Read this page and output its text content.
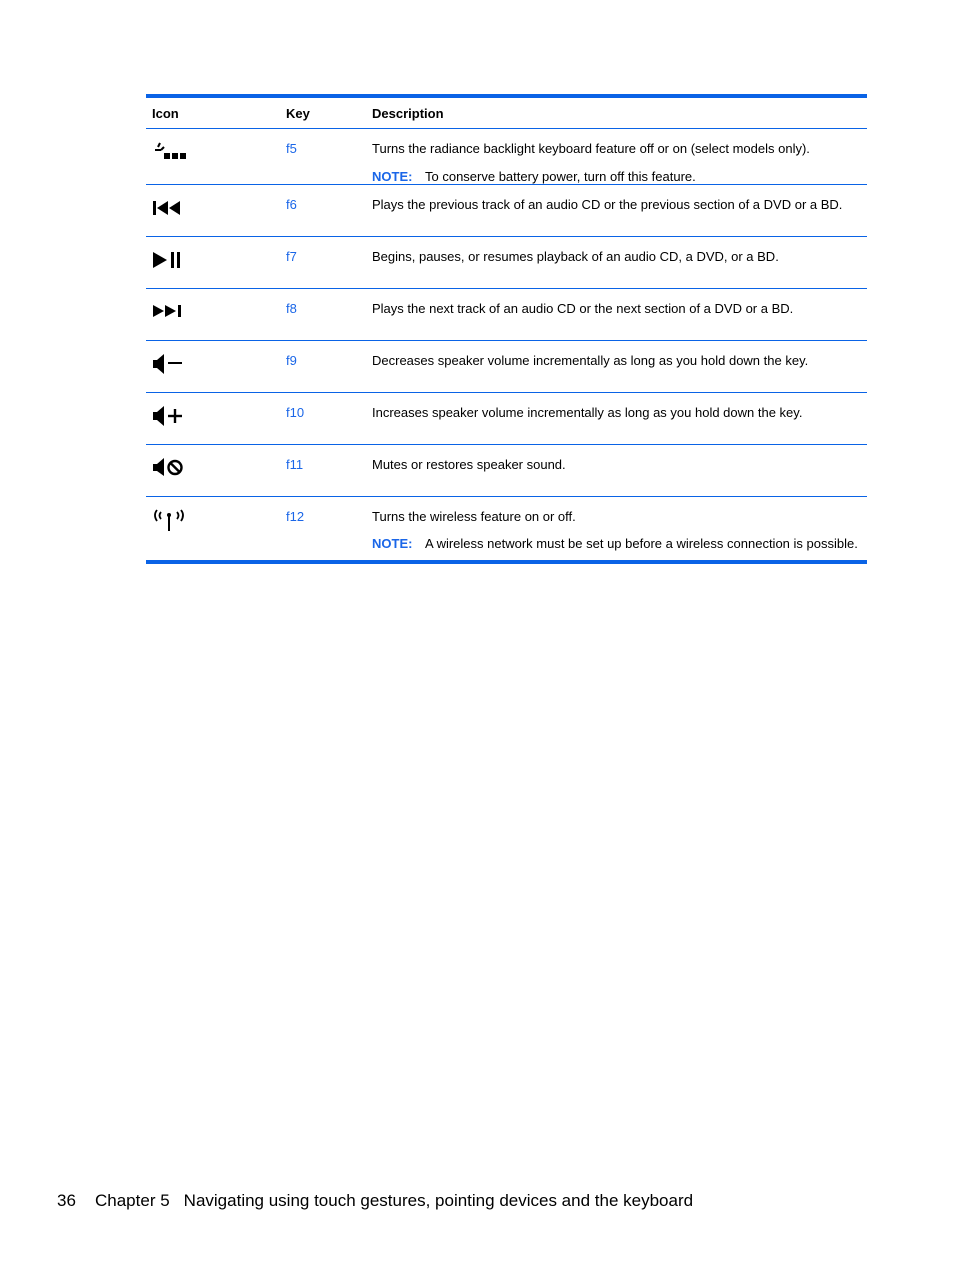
Icon	Key	Description

	f5	Turns the radiance backlight keyboard feature off or on (select models only).
NOTE: To conserve battery power, turn off this feature.

	f6	Plays the previous track of an audio CD or the previous section of a DVD or a BD.

	f7	Begins, pauses, or resumes playback of an audio CD, a DVD, or a BD.

	f8	Plays the next track of an audio CD or the next section of a DVD or a BD.

	f9	Decreases speaker volume incrementally as long as you hold down the key.

	f10	Increases speaker volume incrementally as long as you hold down the key.

	f11	Mutes or restores speaker sound.

	f12	Turns the wireless feature on or off.
NOTE: A wireless network must be set up before a wireless connection is possible.
36 Chapter 5 Navigating using touch gestures, pointing devices and the keyboard
